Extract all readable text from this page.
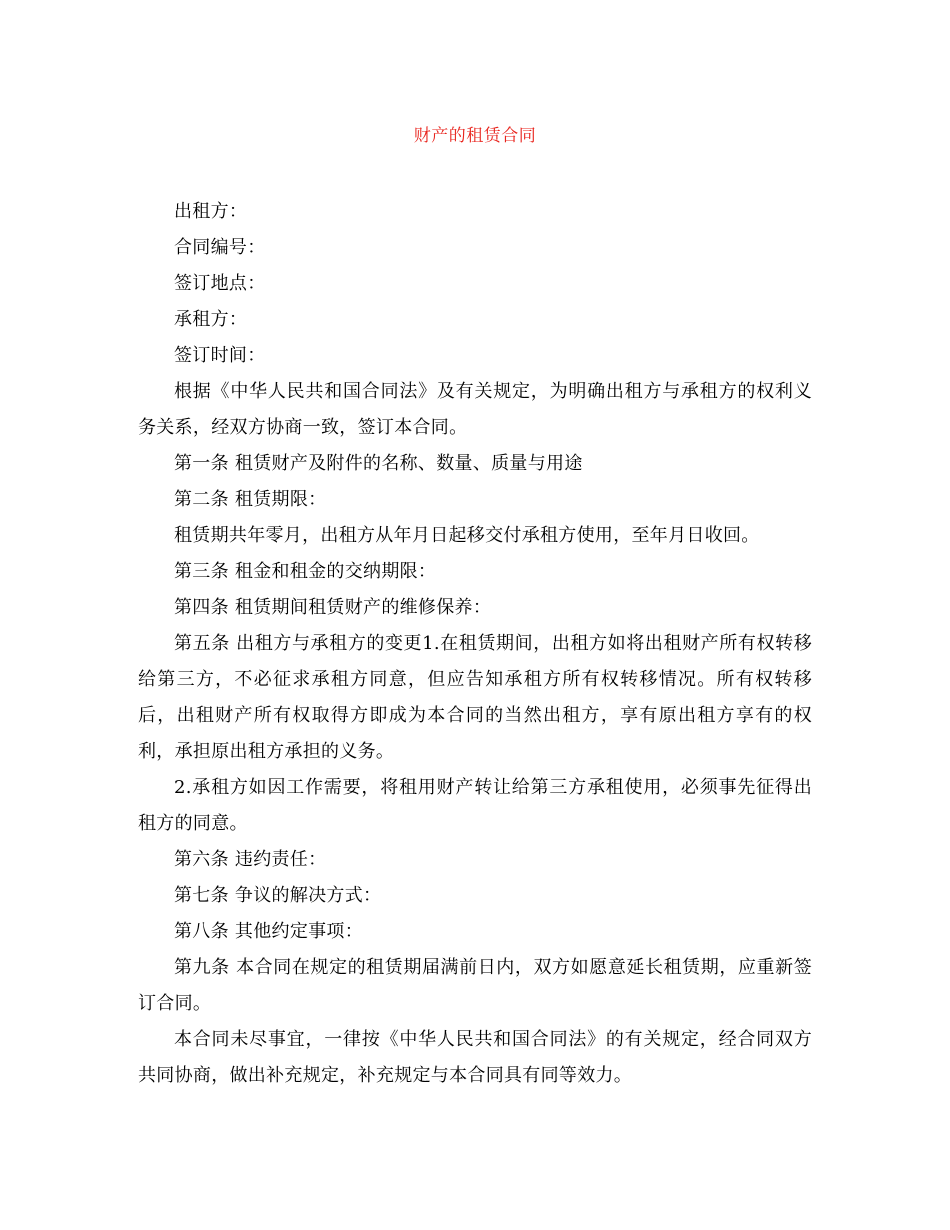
财产的租赁合同

出租方：

合同编号：

签订地点：

承租方：

签订时间：

根据《中华人民共和国合同法》及有关规定，为明确出租方与承租方的权利义务关系，经双方协商一致，签订本合同。

第一条 租赁财产及附件的名称、数量、质量与用途

第二条 租赁期限：

租赁期共年零月，出租方从年月日起移交付承租方使用，至年月日收回。

第三条 租金和租金的交纳期限：

第四条 租赁期间租赁财产的维修保养：

第五条 出租方与承租方的变更1.在租赁期间，出租方如将出租财产所有权转移给第三方，不必征求承租方同意，但应告知承租方所有权转移情况。所有权转移后，出租财产所有权取得方即成为本合同的当然出租方，享有原出租方享有的权利，承担原出租方承担的义务。

2.承租方如因工作需要，将租用财产转让给第三方承租使用，必须事先征得出租方的同意。

第六条 违约责任：

第七条 争议的解决方式：

第八条 其他约定事项：

第九条 本合同在规定的租赁期届满前日内，双方如愿意延长租赁期，应重新签订合同。

本合同未尽事宜，一律按《中华人民共和国合同法》的有关规定，经合同双方共同协商，做出补充规定，补充规定与本合同具有同等效力。
